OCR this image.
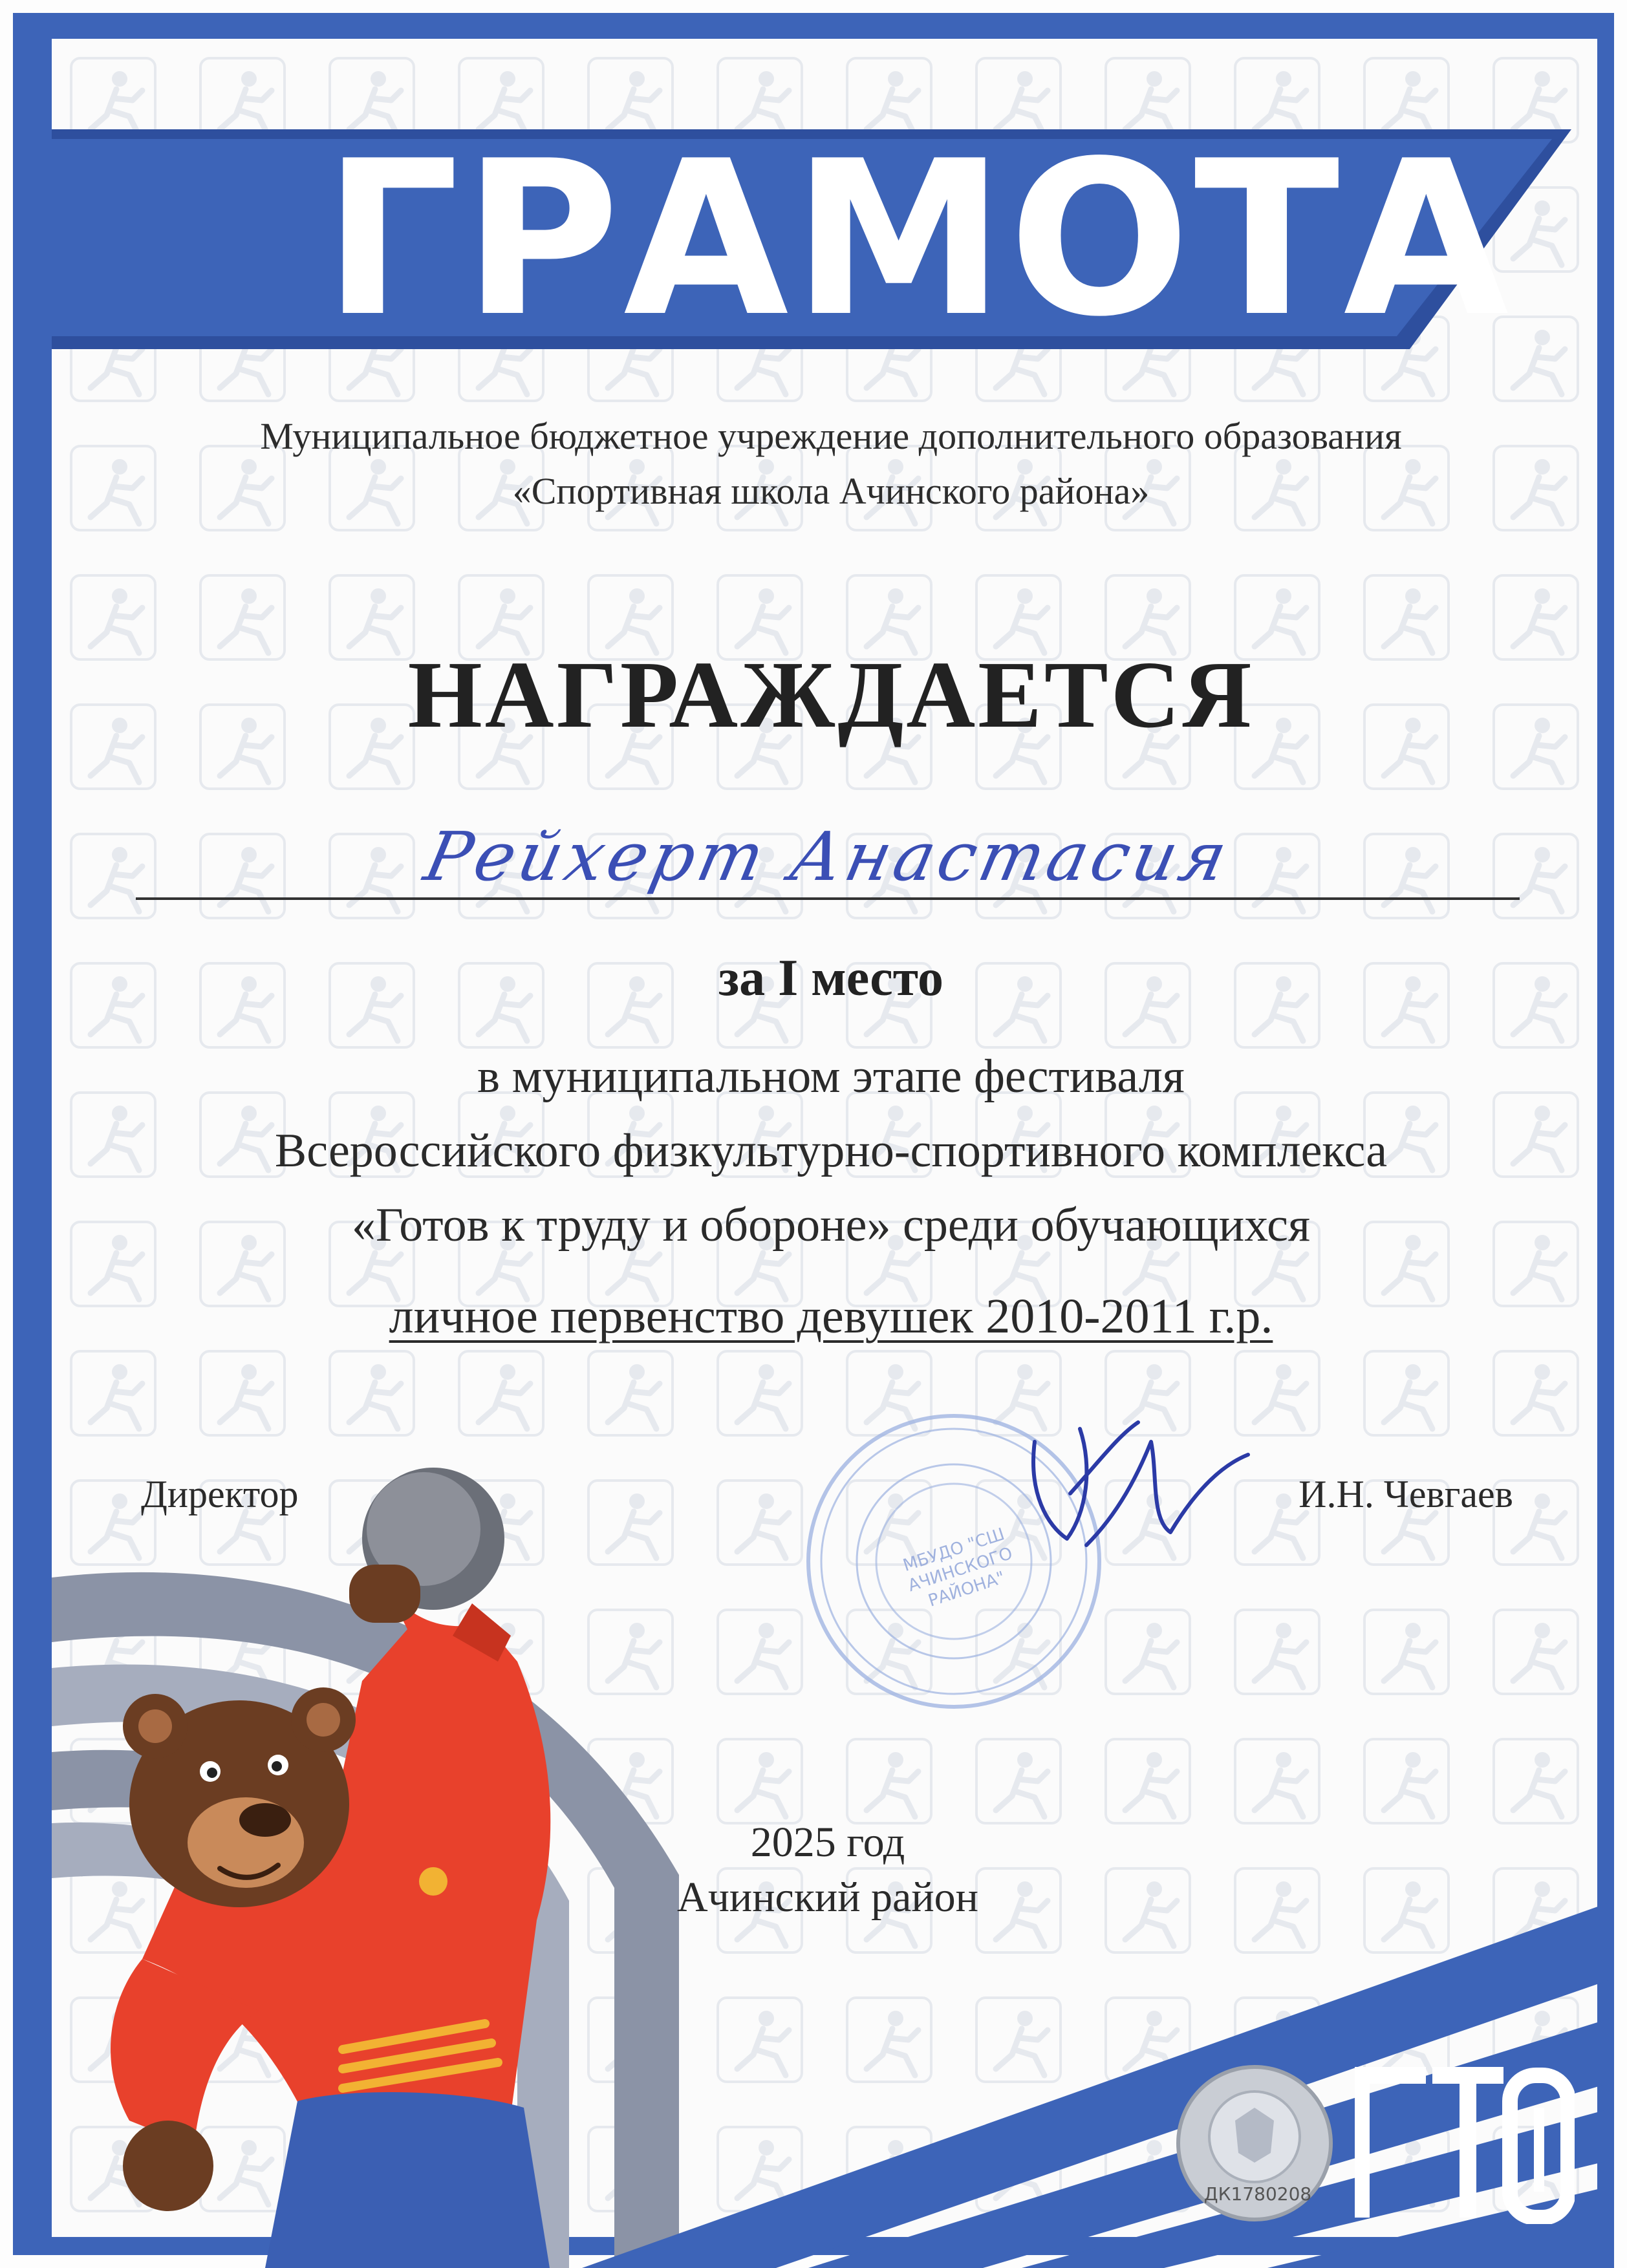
ГРАМОТА
Муниципальное бюджетное учреждение дополнительного образования
«Спортивная школа Ачинского района»
НАГРАЖДАЕТСЯ
Рейхерт Анастасия
за I место
в муниципальном этапе фестиваля
Всероссийского физкультурно-спортивного комплекса
«Готов к труду и обороне» среди обучающихся
личное первенство девушек 2010-2011 г.р.
МБУДО "СШ АЧИНСКОГО РАЙОНА"
Директор	И.Н. Чевгаев
2025 год
Ачинский район
ДК1780208
